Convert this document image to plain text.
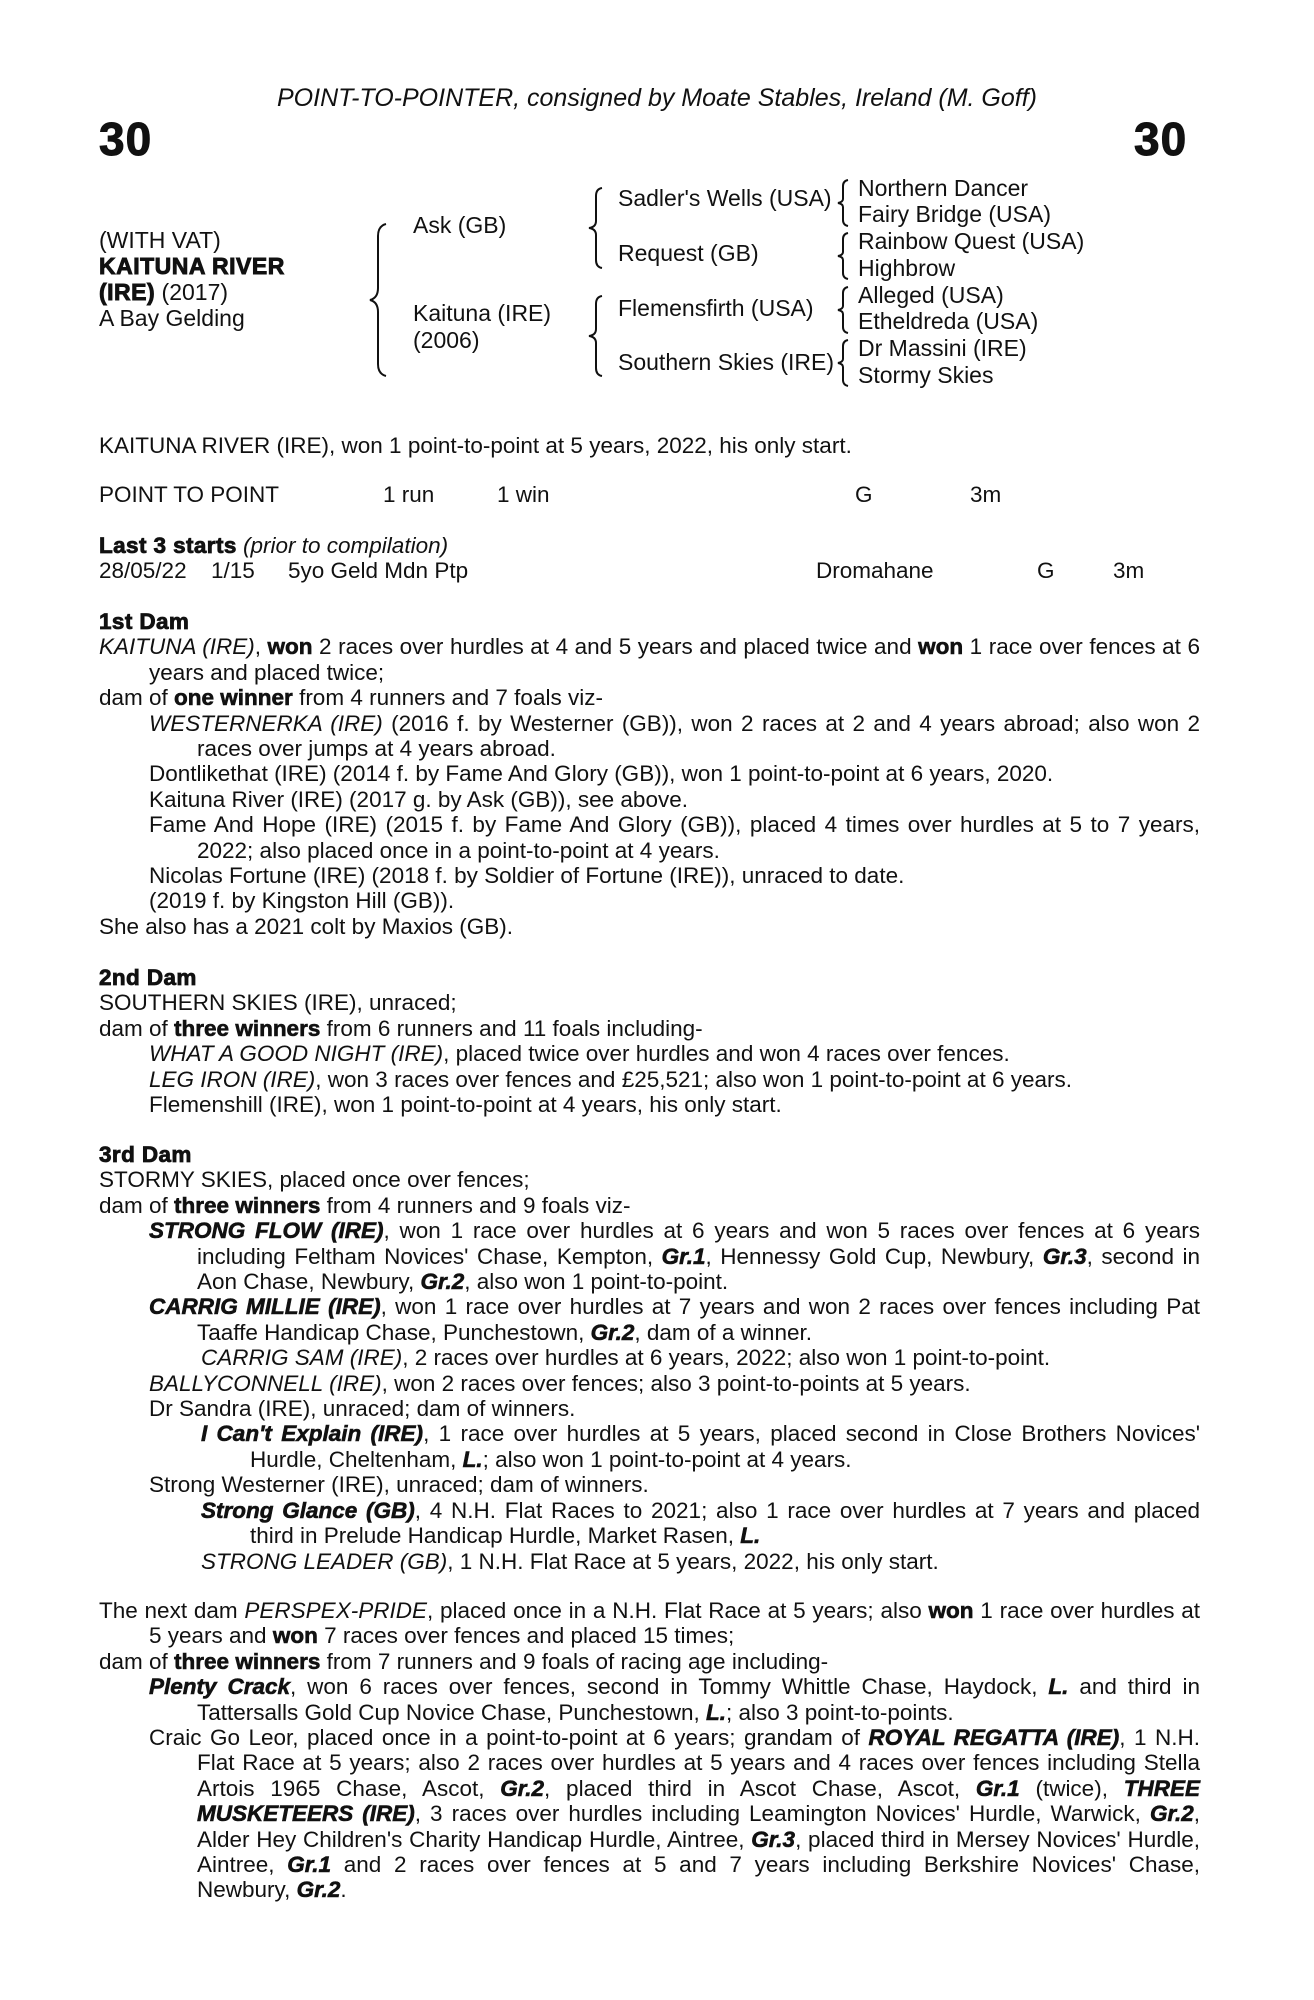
POINT-TO-POINTER, consigned by Moate Stables, Ireland (M. Goff)
30	30
(WITH VAT)
KAITUNA RIVER
(IRE) (2017)
A Bay Gelding
Ask (GB)
Kaituna (IRE)
(2006)
Sadler's Wells (USA)
Request (GB)
Flemensfirth (USA)
Southern Skies (IRE)
Northern Dancer
Fairy Bridge (USA)
Rainbow Quest (USA)
Highbrow
Alleged (USA)
Etheldreda (USA)
Dr Massini (IRE)
Stormy Skies
KAITUNA RIVER (IRE), won 1 point-to-point at 5 years, 2022, his only start.
POINT TO POINT	1 run	1 win	G	3m
Last 3 starts (prior to compilation)
28/05/22 1/15 5yo Geld Mdn Ptp	Dromahane	G	3m
1st Dam
KAITUNA (IRE), won 2 races over hurdles at 4 and 5 years and placed twice and won 1 race over fences at 6 years and placed twice;
dam of one winner from 4 runners and 7 foals viz-
WESTERNERKA (IRE) (2016 f. by Westerner (GB)), won 2 races at 2 and 4 years abroad; also won 2 races over jumps at 4 years abroad.
Dontlikethat (IRE) (2014 f. by Fame And Glory (GB)), won 1 point-to-point at 6 years, 2020.
Kaituna River (IRE) (2017 g. by Ask (GB)), see above.
Fame And Hope (IRE) (2015 f. by Fame And Glory (GB)), placed 4 times over hurdles at 5 to 7 years, 2022; also placed once in a point-to-point at 4 years.
Nicolas Fortune (IRE) (2018 f. by Soldier of Fortune (IRE)), unraced to date.
(2019 f. by Kingston Hill (GB)).
She also has a 2021 colt by Maxios (GB).
2nd Dam
SOUTHERN SKIES (IRE), unraced;
dam of three winners from 6 runners and 11 foals including-
WHAT A GOOD NIGHT (IRE), placed twice over hurdles and won 4 races over fences.
LEG IRON (IRE), won 3 races over fences and £25,521; also won 1 point-to-point at 6 years.
Flemenshill (IRE), won 1 point-to-point at 4 years, his only start.
3rd Dam
STORMY SKIES, placed once over fences;
dam of three winners from 4 runners and 9 foals viz-
STRONG FLOW (IRE), won 1 race over hurdles at 6 years and won 5 races over fences at 6 years including Feltham Novices' Chase, Kempton, Gr.1, Hennessy Gold Cup, Newbury, Gr.3, second in Aon Chase, Newbury, Gr.2, also won 1 point-to-point.
CARRIG MILLIE (IRE), won 1 race over hurdles at 7 years and won 2 races over fences including Pat Taaffe Handicap Chase, Punchestown, Gr.2, dam of a winner.
CARRIG SAM (IRE), 2 races over hurdles at 6 years, 2022; also won 1 point-to-point.
BALLYCONNELL (IRE), won 2 races over fences; also 3 point-to-points at 5 years.
Dr Sandra (IRE), unraced; dam of winners.
I Can't Explain (IRE), 1 race over hurdles at 5 years, placed second in Close Brothers Novices' Hurdle, Cheltenham, L.; also won 1 point-to-point at 4 years.
Strong Westerner (IRE), unraced; dam of winners.
Strong Glance (GB), 4 N.H. Flat Races to 2021; also 1 race over hurdles at 7 years and placed third in Prelude Handicap Hurdle, Market Rasen, L.
STRONG LEADER (GB), 1 N.H. Flat Race at 5 years, 2022, his only start.
The next dam PERSPEX-PRIDE, placed once in a N.H. Flat Race at 5 years; also won 1 race over hurdles at 5 years and won 7 races over fences and placed 15 times;
dam of three winners from 7 runners and 9 foals of racing age including-
Plenty Crack, won 6 races over fences, second in Tommy Whittle Chase, Haydock, L. and third in Tattersalls Gold Cup Novice Chase, Punchestown, L.; also 3 point-to-points.
Craic Go Leor, placed once in a point-to-point at 6 years; grandam of ROYAL REGATTA (IRE), 1 N.H. Flat Race at 5 years; also 2 races over hurdles at 5 years and 4 races over fences including Stella Artois 1965 Chase, Ascot, Gr.2, placed third in Ascot Chase, Ascot, Gr.1 (twice), THREE MUSKETEERS (IRE), 3 races over hurdles including Leamington Novices' Hurdle, Warwick, Gr.2, Alder Hey Children's Charity Handicap Hurdle, Aintree, Gr.3, placed third in Mersey Novices' Hurdle, Aintree, Gr.1 and 2 races over fences at 5 and 7 years including Berkshire Novices' Chase, Newbury, Gr.2.
